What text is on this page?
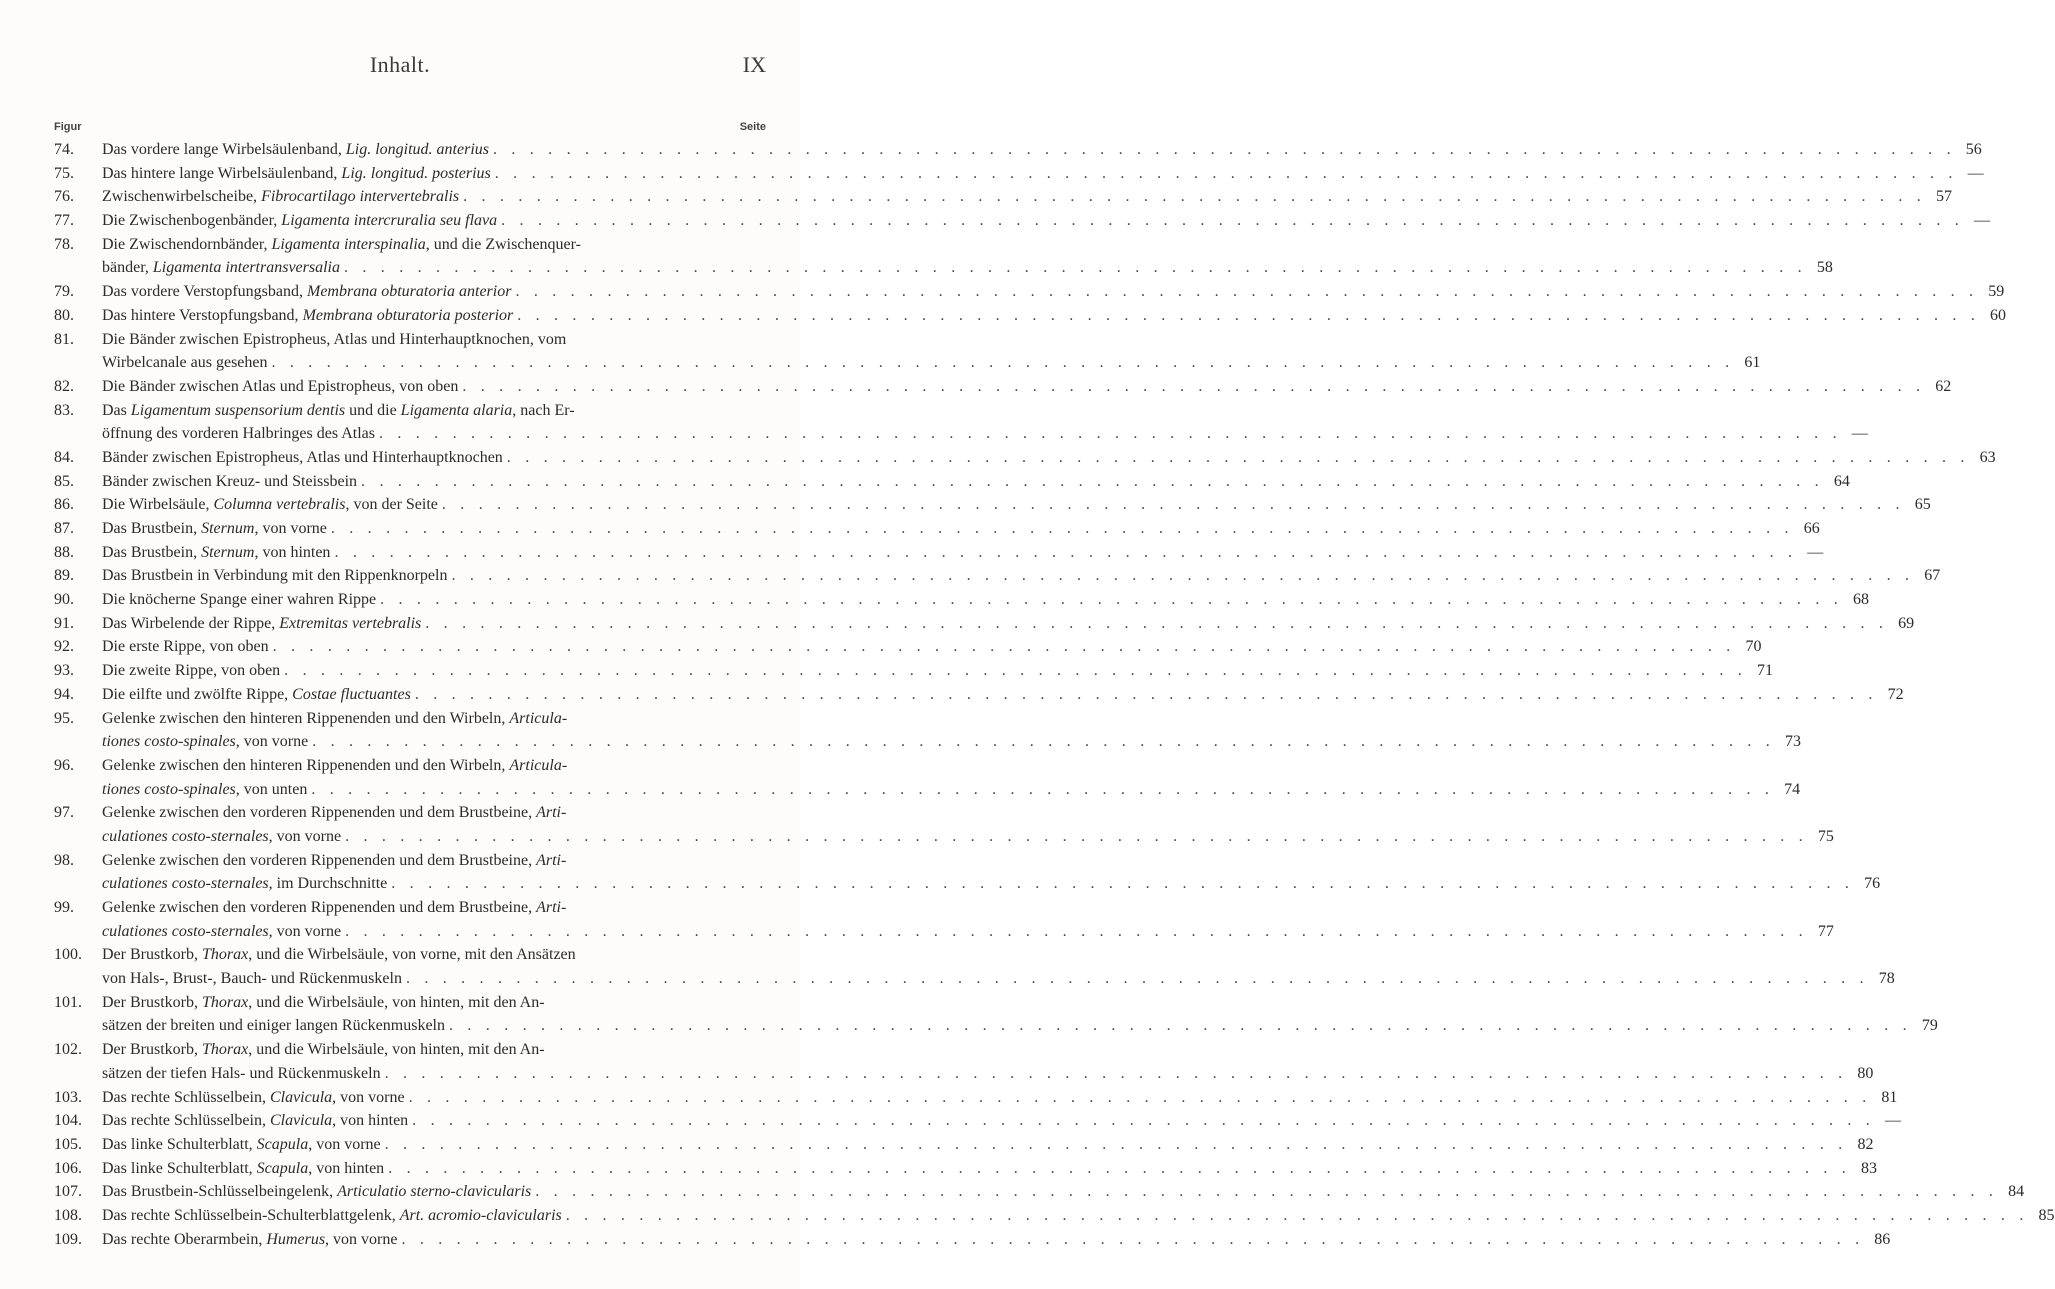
Inhalt.	IX
Figur	Seite
74.	Das vordere lange Wirbelsäulenband, Lig. longitud. anterius . . . . . . . . . . . . . . . . . . . . . . . . . . . . . . . . . . . . . . . . . . . . . . . . . . . . . . . . . . . . . . . . . . . . . . . . . . . . . . . . 56
75.	Das hintere lange Wirbelsäulenband, Lig. longitud. posterius . . . . . . . . . . . . . . . . . . . . . . . . . . . . . . . . . . . . . . . . . . . . . . . . . . . . . . . . . . . . . . . . . . . . . . . . . . . . . . . . —
76.	Zwischenwirbelscheibe, Fibrocartilago intervertebralis . . . . . . . . . . . . . . . . . . . . . . . . . . . . . . . . . . . . . . . . . . . . . . . . . . . . . . . . . . . . . . . . . . . . . . . . . . . . . . . . 57
77.	Die Zwischenbogenbänder, Ligamenta intercruralia seu flava . . . . . . . . . . . . . . . . . . . . . . . . . . . . . . . . . . . . . . . . . . . . . . . . . . . . . . . . . . . . . . . . . . . . . . . . . . . . . . . . —
78.	Die Zwischendornbänder, Ligamenta interspinalia, und die Zwischenquer-
bänder, Ligamenta intertransversalia . . . . . . . . . . . . . . . . . . . . . . . . . . . . . . . . . . . . . . . . . . . . . . . . . . . . . . . . . . . . . . . . . . . . . . . . . . . . . . . . 58
79.	Das vordere Verstopfungsband, Membrana obturatoria anterior . . . . . . . . . . . . . . . . . . . . . . . . . . . . . . . . . . . . . . . . . . . . . . . . . . . . . . . . . . . . . . . . . . . . . . . . . . . . . . . . 59
80.	Das hintere Verstopfungsband, Membrana obturatoria posterior . . . . . . . . . . . . . . . . . . . . . . . . . . . . . . . . . . . . . . . . . . . . . . . . . . . . . . . . . . . . . . . . . . . . . . . . . . . . . . . . 60
81.	Die Bänder zwischen Epistropheus, Atlas und Hinterhauptknochen, vom
Wirbelcanale aus gesehen . . . . . . . . . . . . . . . . . . . . . . . . . . . . . . . . . . . . . . . . . . . . . . . . . . . . . . . . . . . . . . . . . . . . . . . . . . . . . . . . 61
82.	Die Bänder zwischen Atlas und Epistropheus, von oben . . . . . . . . . . . . . . . . . . . . . . . . . . . . . . . . . . . . . . . . . . . . . . . . . . . . . . . . . . . . . . . . . . . . . . . . . . . . . . . . 62
83.	Das Ligamentum suspensorium dentis und die Ligamenta alaria, nach Er-
öffnung des vorderen Halbringes des Atlas . . . . . . . . . . . . . . . . . . . . . . . . . . . . . . . . . . . . . . . . . . . . . . . . . . . . . . . . . . . . . . . . . . . . . . . . . . . . . . . . —
84.	Bänder zwischen Epistropheus, Atlas und Hinterhauptknochen . . . . . . . . . . . . . . . . . . . . . . . . . . . . . . . . . . . . . . . . . . . . . . . . . . . . . . . . . . . . . . . . . . . . . . . . . . . . . . . . 63
85.	Bänder zwischen Kreuz- und Steissbein . . . . . . . . . . . . . . . . . . . . . . . . . . . . . . . . . . . . . . . . . . . . . . . . . . . . . . . . . . . . . . . . . . . . . . . . . . . . . . . . 64
86.	Die Wirbelsäule, Columna vertebralis, von der Seite . . . . . . . . . . . . . . . . . . . . . . . . . . . . . . . . . . . . . . . . . . . . . . . . . . . . . . . . . . . . . . . . . . . . . . . . . . . . . . . . 65
87.	Das Brustbein, Sternum, von vorne . . . . . . . . . . . . . . . . . . . . . . . . . . . . . . . . . . . . . . . . . . . . . . . . . . . . . . . . . . . . . . . . . . . . . . . . . . . . . . . . 66
88.	Das Brustbein, Sternum, von hinten . . . . . . . . . . . . . . . . . . . . . . . . . . . . . . . . . . . . . . . . . . . . . . . . . . . . . . . . . . . . . . . . . . . . . . . . . . . . . . . . —
89.	Das Brustbein in Verbindung mit den Rippenknorpeln . . . . . . . . . . . . . . . . . . . . . . . . . . . . . . . . . . . . . . . . . . . . . . . . . . . . . . . . . . . . . . . . . . . . . . . . . . . . . . . . 67
90.	Die knöcherne Spange einer wahren Rippe . . . . . . . . . . . . . . . . . . . . . . . . . . . . . . . . . . . . . . . . . . . . . . . . . . . . . . . . . . . . . . . . . . . . . . . . . . . . . . . . 68
91.	Das Wirbelende der Rippe, Extremitas vertebralis . . . . . . . . . . . . . . . . . . . . . . . . . . . . . . . . . . . . . . . . . . . . . . . . . . . . . . . . . . . . . . . . . . . . . . . . . . . . . . . . 69
92.	Die erste Rippe, von oben . . . . . . . . . . . . . . . . . . . . . . . . . . . . . . . . . . . . . . . . . . . . . . . . . . . . . . . . . . . . . . . . . . . . . . . . . . . . . . . . 70
93.	Die zweite Rippe, von oben . . . . . . . . . . . . . . . . . . . . . . . . . . . . . . . . . . . . . . . . . . . . . . . . . . . . . . . . . . . . . . . . . . . . . . . . . . . . . . . . 71
94.	Die eilfte und zwölfte Rippe, Costae fluctuantes . . . . . . . . . . . . . . . . . . . . . . . . . . . . . . . . . . . . . . . . . . . . . . . . . . . . . . . . . . . . . . . . . . . . . . . . . . . . . . . . 72
95.	Gelenke zwischen den hinteren Rippenenden und den Wirbeln, Articula-
tiones costo-spinales, von vorne . . . . . . . . . . . . . . . . . . . . . . . . . . . . . . . . . . . . . . . . . . . . . . . . . . . . . . . . . . . . . . . . . . . . . . . . . . . . . . . . 73
96.	Gelenke zwischen den hinteren Rippenenden und den Wirbeln, Articula-
tiones costo-spinales, von unten . . . . . . . . . . . . . . . . . . . . . . . . . . . . . . . . . . . . . . . . . . . . . . . . . . . . . . . . . . . . . . . . . . . . . . . . . . . . . . . . 74
97.	Gelenke zwischen den vorderen Rippenenden und dem Brustbeine, Arti-
culationes costo-sternales, von vorne . . . . . . . . . . . . . . . . . . . . . . . . . . . . . . . . . . . . . . . . . . . . . . . . . . . . . . . . . . . . . . . . . . . . . . . . . . . . . . . . 75
98.	Gelenke zwischen den vorderen Rippenenden und dem Brustbeine, Arti-
culationes costo-sternales, im Durchschnitte . . . . . . . . . . . . . . . . . . . . . . . . . . . . . . . . . . . . . . . . . . . . . . . . . . . . . . . . . . . . . . . . . . . . . . . . . . . . . . . . 76
99.	Gelenke zwischen den vorderen Rippenenden und dem Brustbeine, Arti-
culationes costo-sternales, von vorne . . . . . . . . . . . . . . . . . . . . . . . . . . . . . . . . . . . . . . . . . . . . . . . . . . . . . . . . . . . . . . . . . . . . . . . . . . . . . . . . 77
100.	Der Brustkorb, Thorax, und die Wirbelsäule, von vorne, mit den Ansätzen
von Hals-, Brust-, Bauch- und Rückenmuskeln . . . . . . . . . . . . . . . . . . . . . . . . . . . . . . . . . . . . . . . . . . . . . . . . . . . . . . . . . . . . . . . . . . . . . . . . . . . . . . . . 78
101.	Der Brustkorb, Thorax, und die Wirbelsäule, von hinten, mit den An-
sätzen der breiten und einiger langen Rückenmuskeln . . . . . . . . . . . . . . . . . . . . . . . . . . . . . . . . . . . . . . . . . . . . . . . . . . . . . . . . . . . . . . . . . . . . . . . . . . . . . . . . 79
102.	Der Brustkorb, Thorax, und die Wirbelsäule, von hinten, mit den An-
sätzen der tiefen Hals- und Rückenmuskeln . . . . . . . . . . . . . . . . . . . . . . . . . . . . . . . . . . . . . . . . . . . . . . . . . . . . . . . . . . . . . . . . . . . . . . . . . . . . . . . . 80
103.	Das rechte Schlüsselbein, Clavicula, von vorne . . . . . . . . . . . . . . . . . . . . . . . . . . . . . . . . . . . . . . . . . . . . . . . . . . . . . . . . . . . . . . . . . . . . . . . . . . . . . . . . 81
104.	Das rechte Schlüsselbein, Clavicula, von hinten . . . . . . . . . . . . . . . . . . . . . . . . . . . . . . . . . . . . . . . . . . . . . . . . . . . . . . . . . . . . . . . . . . . . . . . . . . . . . . . . —
105.	Das linke Schulterblatt, Scapula, von vorne . . . . . . . . . . . . . . . . . . . . . . . . . . . . . . . . . . . . . . . . . . . . . . . . . . . . . . . . . . . . . . . . . . . . . . . . . . . . . . . . 82
106.	Das linke Schulterblatt, Scapula, von hinten . . . . . . . . . . . . . . . . . . . . . . . . . . . . . . . . . . . . . . . . . . . . . . . . . . . . . . . . . . . . . . . . . . . . . . . . . . . . . . . . 83
107.	Das Brustbein-Schlüsselbeingelenk, Articulatio sterno-clavicularis . . . . . . . . . . . . . . . . . . . . . . . . . . . . . . . . . . . . . . . . . . . . . . . . . . . . . . . . . . . . . . . . . . . . . . . . . . . . . . . . 84
108.	Das rechte Schlüsselbein-Schulterblattgelenk, Art. acromio-clavicularis . . . . . . . . . . . . . . . . . . . . . . . . . . . . . . . . . . . . . . . . . . . . . . . . . . . . . . . . . . . . . . . . . . . . . . . . . . . . . . . . 85
109.	Das rechte Oberarmbein, Humerus, von vorne . . . . . . . . . . . . . . . . . . . . . . . . . . . . . . . . . . . . . . . . . . . . . . . . . . . . . . . . . . . . . . . . . . . . . . . . . . . . . . . . 86
